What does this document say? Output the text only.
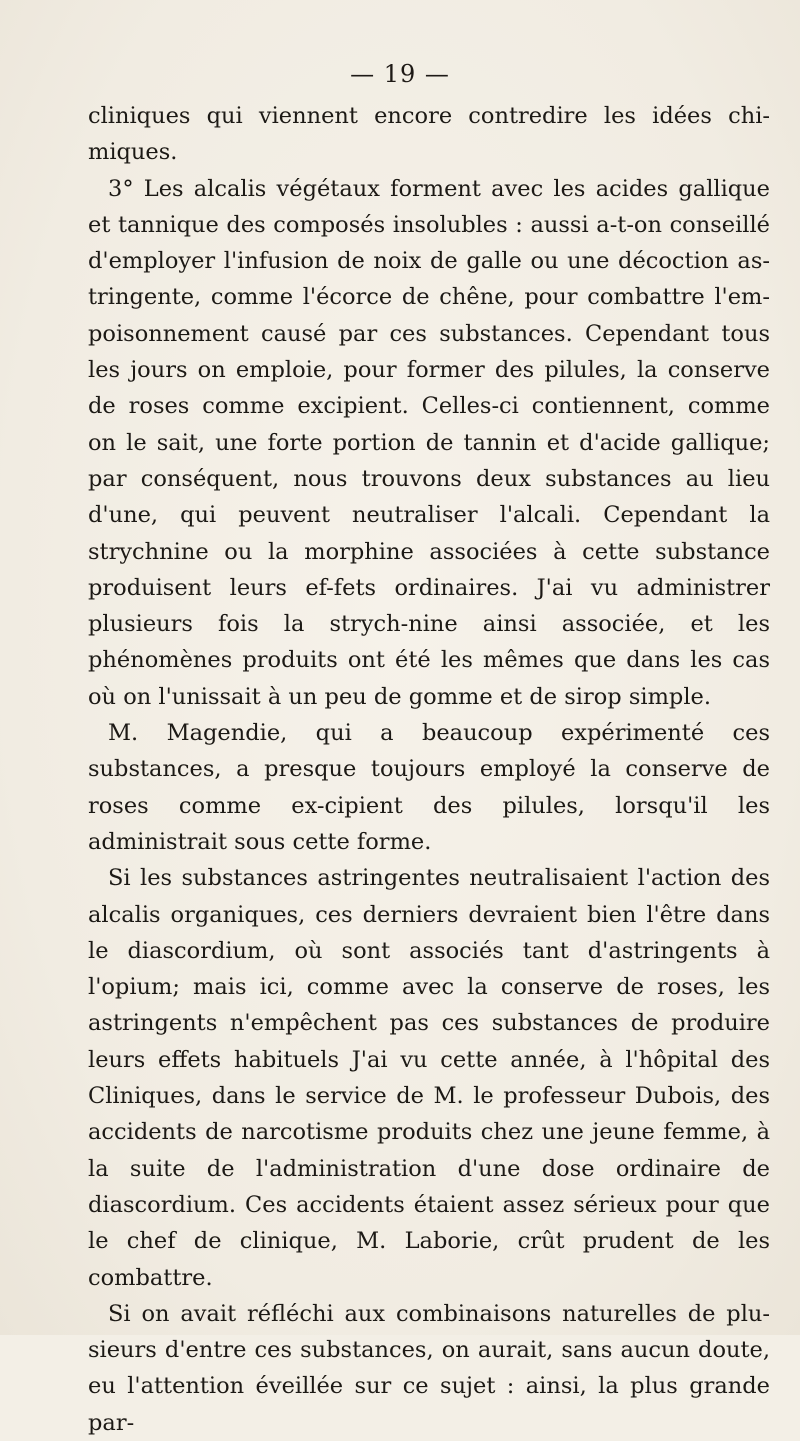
— 19 —

cliniques qui viennent encore contredire les idées chi-miques.

3° Les alcalis végétaux forment avec les acides gallique et tannique des composés insolubles : aussi a-t-on conseillé d'employer l'infusion de noix de galle ou une décoction as-tringente, comme l'écorce de chêne, pour combattre l'em-poisonnement causé par ces substances. Cependant tous les jours on emploie, pour former des pilules, la conserve de roses comme excipient. Celles-ci contiennent, comme on le sait, une forte portion de tannin et d'acide gallique; par conséquent, nous trouvons deux substances au lieu d'une, qui peuvent neutraliser l'alcali. Cependant la strychnine ou la morphine associées à cette substance produisent leurs ef-fets ordinaires. J'ai vu administrer plusieurs fois la strych-nine ainsi associée, et les phénomènes produits ont été les mêmes que dans les cas où on l'unissait à un peu de gomme et de sirop simple.

M. Magendie, qui a beaucoup expérimenté ces substances, a presque toujours employé la conserve de roses comme ex-cipient des pilules, lorsqu'il les administrait sous cette forme.

Si les substances astringentes neutralisaient l'action des alcalis organiques, ces derniers devraient bien l'être dans le diascordium, où sont associés tant d'astringents à l'opium; mais ici, comme avec la conserve de roses, les astringents n'empêchent pas ces substances de produire leurs effets habituels J'ai vu cette année, à l'hôpital des Cliniques, dans le service de M. le professeur Dubois, des accidents de narcotisme produits chez une jeune femme, à la suite de l'administration d'une dose ordinaire de diascordium. Ces accidents étaient assez sérieux pour que le chef de clinique, M. Laborie, crût prudent de les combattre.

Si on avait réfléchi aux combinaisons naturelles de plu-sieurs d'entre ces substances, on aurait, sans aucun doute, eu l'attention éveillée sur ce sujet : ainsi, la plus grande par-
